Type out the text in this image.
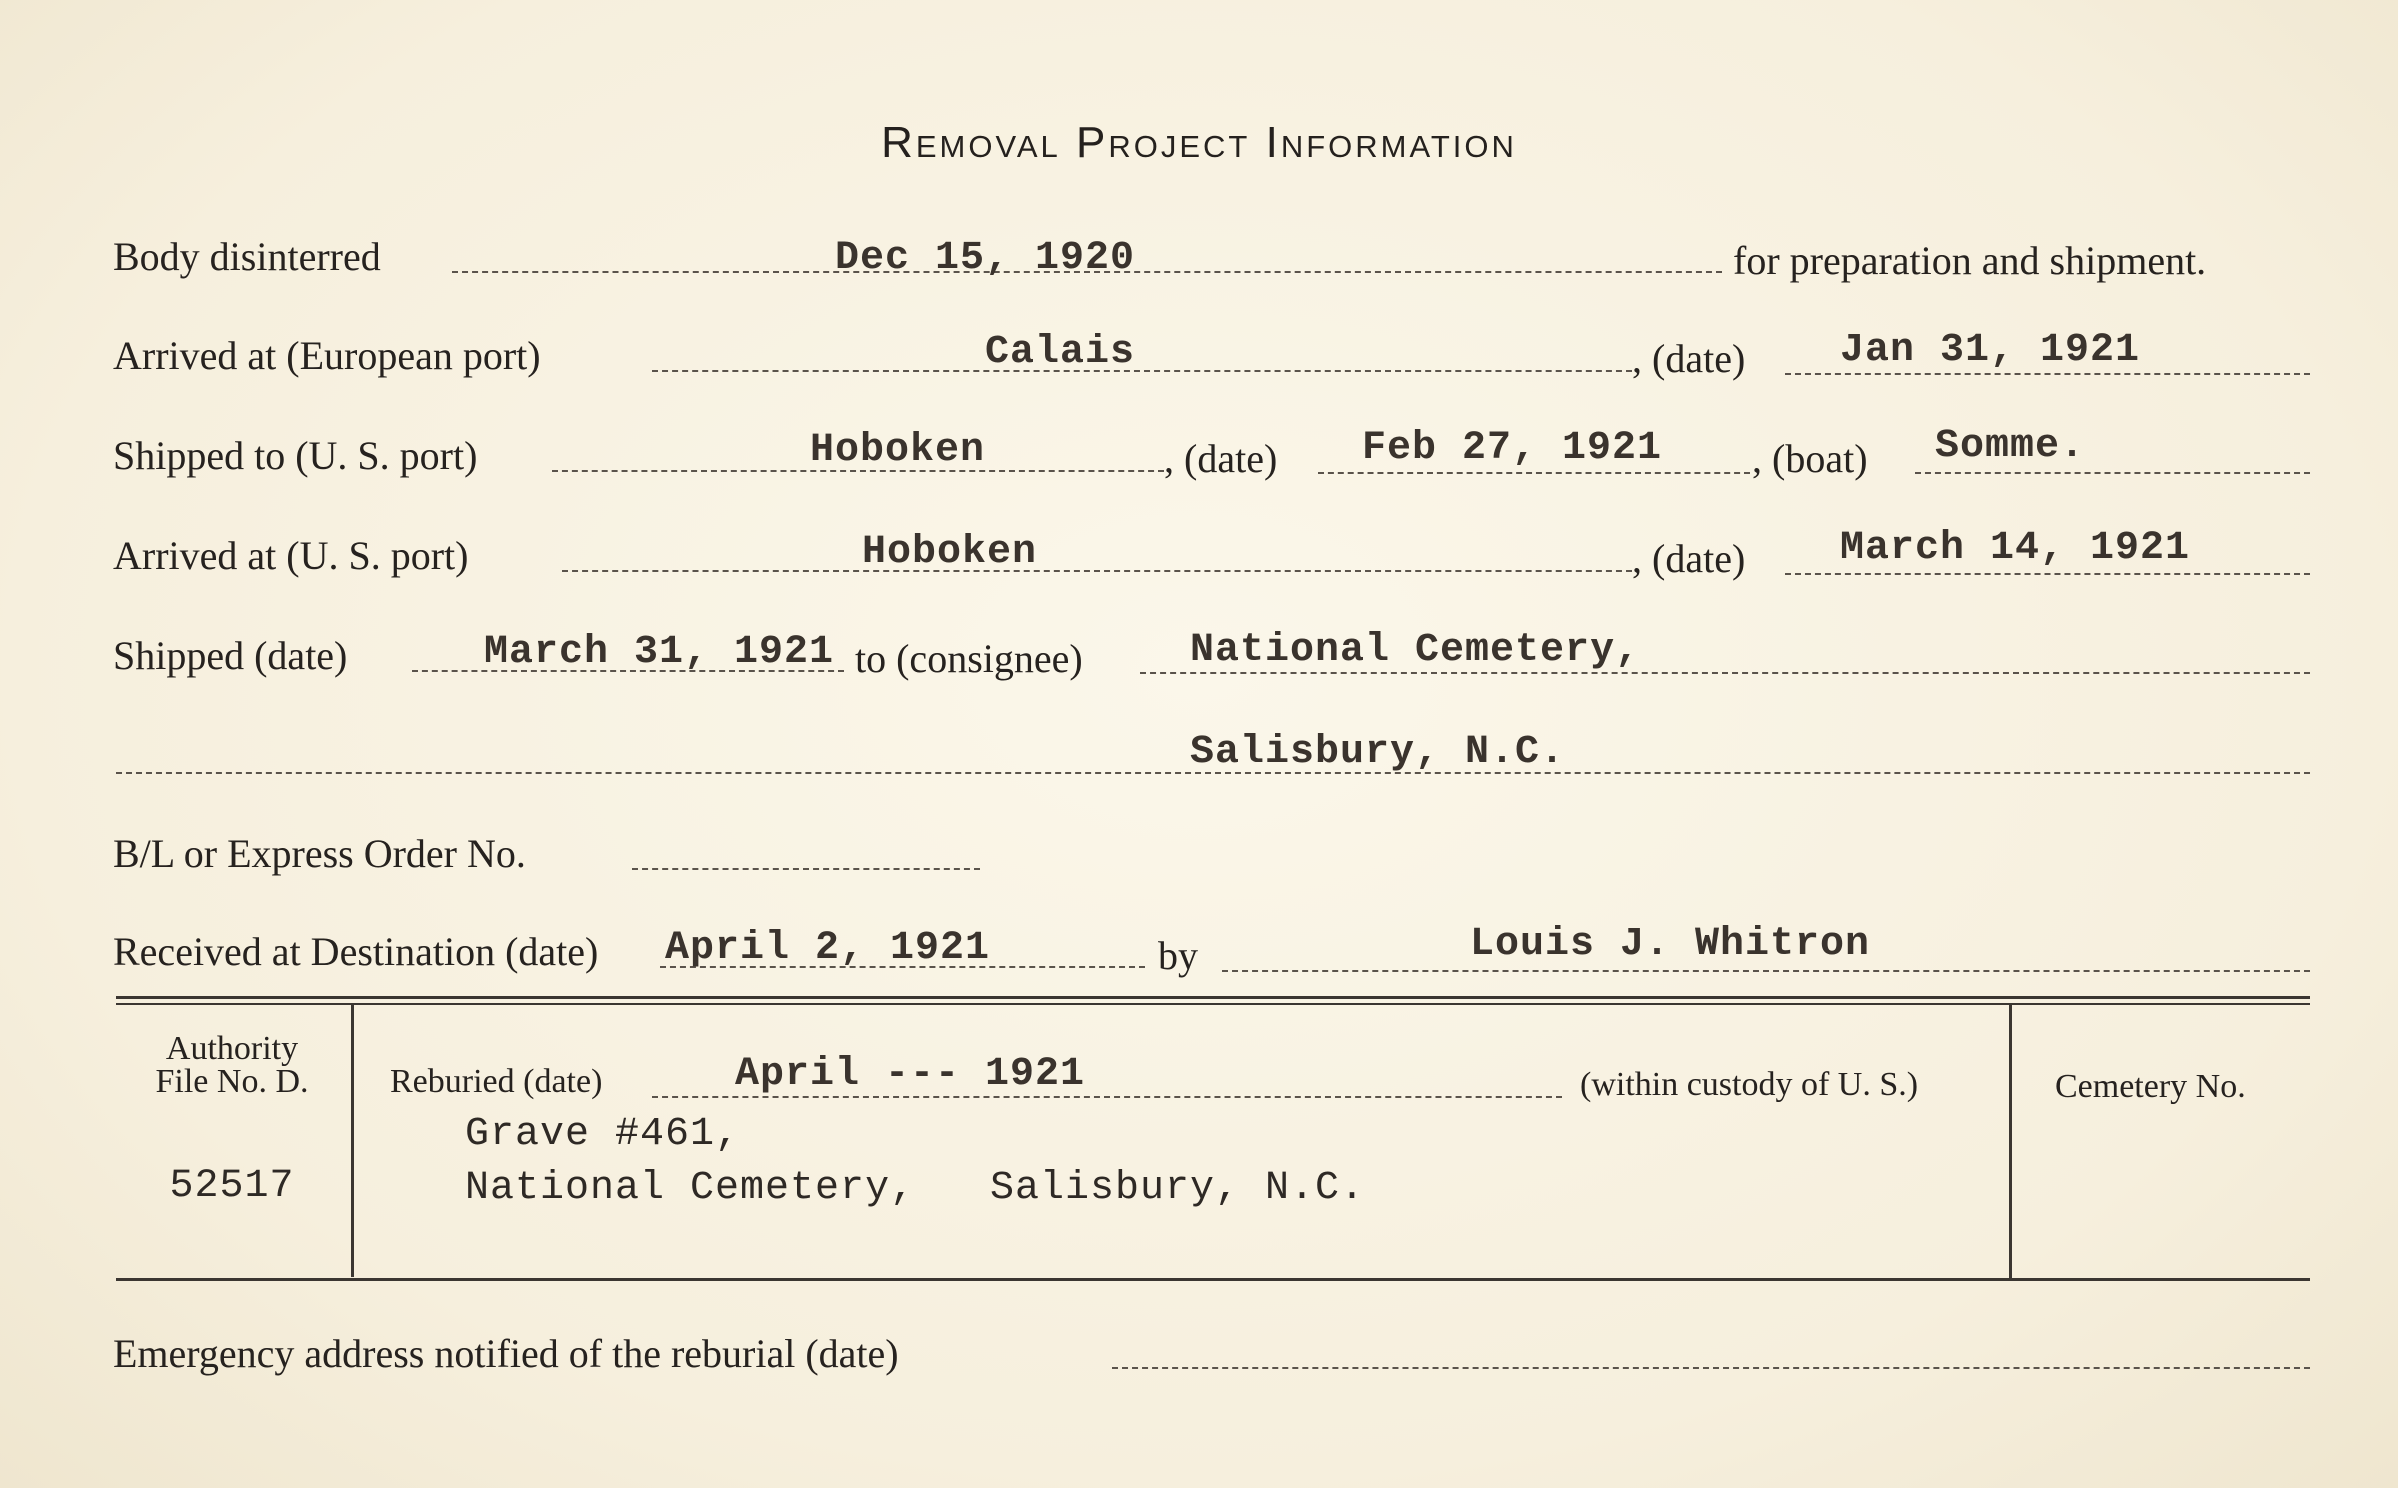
Removal Project Information
Body disinterred	Dec 15, 1920	for preparation and shipment.
Arrived at (European port)	Calais	, (date) Jan 31, 1921
Shipped to (U. S. port)	Hoboken	, (date) Feb 27, 1921 , (boat) Somme.
Arrived at (U. S. port)	Hoboken	, (date) March 14, 1921
Shipped (date)	March 31, 1921 to (consignee)	National Cemetery,
Salisbury, N.C.
B/L or Express Order No.
Received at Destination (date) April 2, 1921	by	Louis J. Whitron
Authority
File No. D.
52517
Reburied (date)	April --- 1921	(within custody of U. S.)
Grave #461,
National Cemetery, Salisbury, N.C.
Cemetery No.
Emergency address notified of the reburial (date)
